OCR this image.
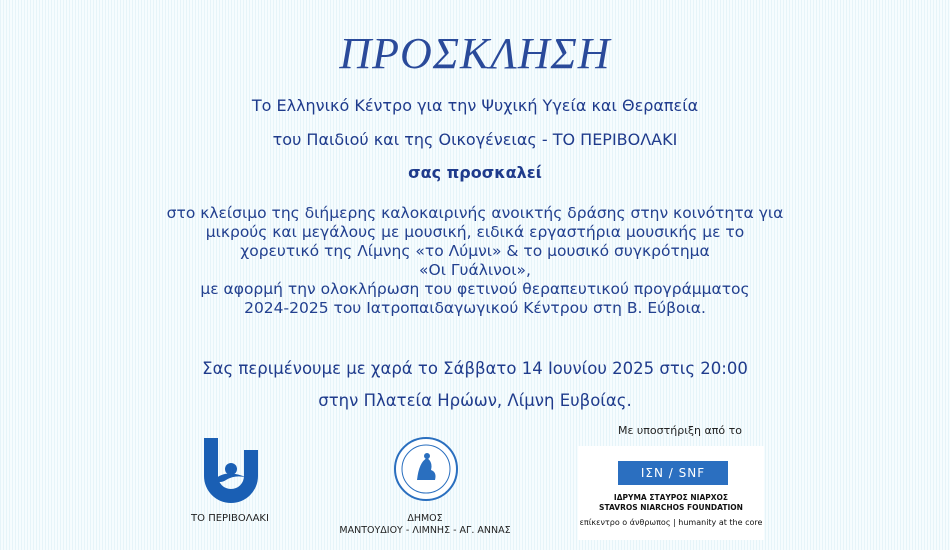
ΠΡΟΣΚΛΗΣΗ
Το Ελληνικό Κέντρο για την Ψυχική Υγεία και Θεραπεία
του Παιδιού και της Οικογένειας - ΤΟ ΠΕΡΙΒΟΛΑΚΙ
σας προσκαλεί
στο κλείσιμο της διήμερης καλοκαιρινής ανοικτής δράσης στην κοινότητα για
μικρούς και μεγάλους με μουσική, ειδικά εργαστήρια μουσικής με το
χορευτικό της Λίμνης «το Λύμνι» & το μουσικό συγκρότημα
«Οι Γυάλινοι»,
με αφορμή την ολοκλήρωση του φετινού θεραπευτικού προγράμματος
2024-2025 του Ιατροπαιδαγωγικού Κέντρου στη Β. Εύβοια.
Σας περιμένουμε με χαρά το Σάββατο 14 Ιουνίου 2025 στις 20:00
στην Πλατεία Ηρώων, Λίμνη Ευβοίας.
ΤΟ ΠΕΡΙΒΟΛΑΚΙ	ΔΗΜΟΣ
ΜΑΝΤΟΥΔΙΟΥ - ΛΙΜΝΗΣ - ΑΓ. ΑΝΝΑΣ
Με υποστήριξη από το
ΙΣΝ / SNF
ΙΔΡΥΜΑ ΣΤΑΥΡΟΣ ΝΙΑΡΧΟΣ
STAVROS NIARCHOS FOUNDATION
επίκεντρο ο άνθρωπος | humanity at the core
